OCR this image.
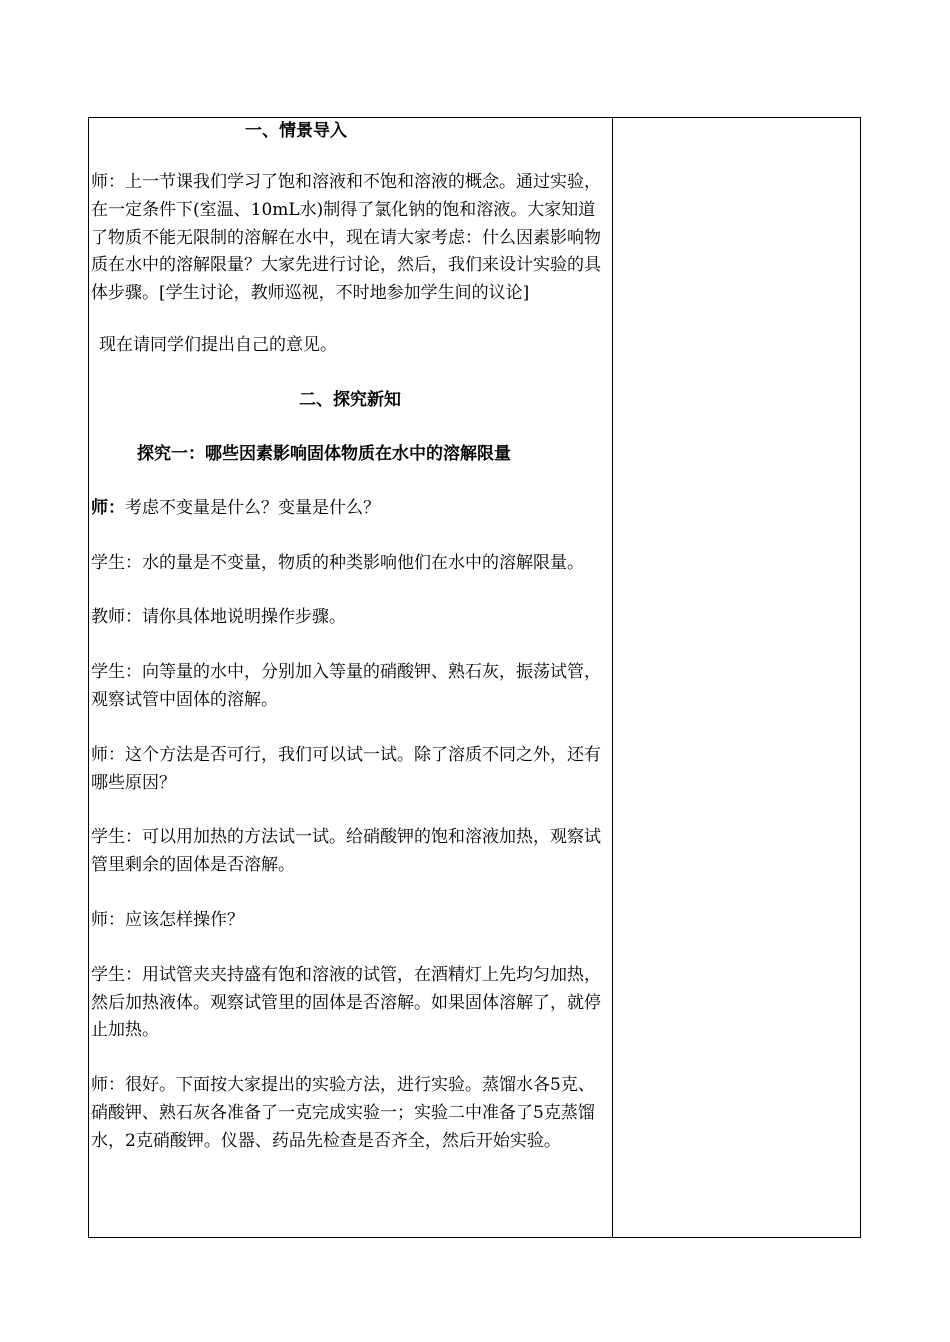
一、情景导入

师：上一节课我们学习了饱和溶液和不饱和溶液的概念。通过实验，在一定条件下(室温、10mL水)制得了氯化钠的饱和溶液。大家知道了物质不能无限制的溶解在水中，现在请大家考虑：什么因素影响物质在水中的溶解限量？大家先进行讨论，然后，我们来设计实验的具体步骤。[学生讨论，教师巡视，不时地参加学生间的议论]

现在请同学们提出自己的意见。

二、探究新知

探究一：哪些因素影响固体物质在水中的溶解限量

师：考虑不变量是什么？变量是什么？

学生：水的量是不变量，物质的种类影响他们在水中的溶解限量。

教师：请你具体地说明操作步骤。

学生：向等量的水中，分别加入等量的硝酸钾、熟石灰，振荡试管，观察试管中固体的溶解。

师：这个方法是否可行，我们可以试一试。除了溶质不同之外，还有哪些原因？

学生：可以用加热的方法试一试。给硝酸钾的饱和溶液加热，观察试管里剩余的固体是否溶解。

师：应该怎样操作？

学生：用试管夹夹持盛有饱和溶液的试管，在酒精灯上先均匀加热，然后加热液体。观察试管里的固体是否溶解。如果固体溶解了，就停止加热。

师：很好。下面按大家提出的实验方法，进行实验。蒸馏水各5克、 硝酸钾、熟石灰各准备了一克完成实验一；实验二中准备了5克蒸馏水，2克硝酸钾。仪器、药品先检查是否齐全，然后开始实验。
